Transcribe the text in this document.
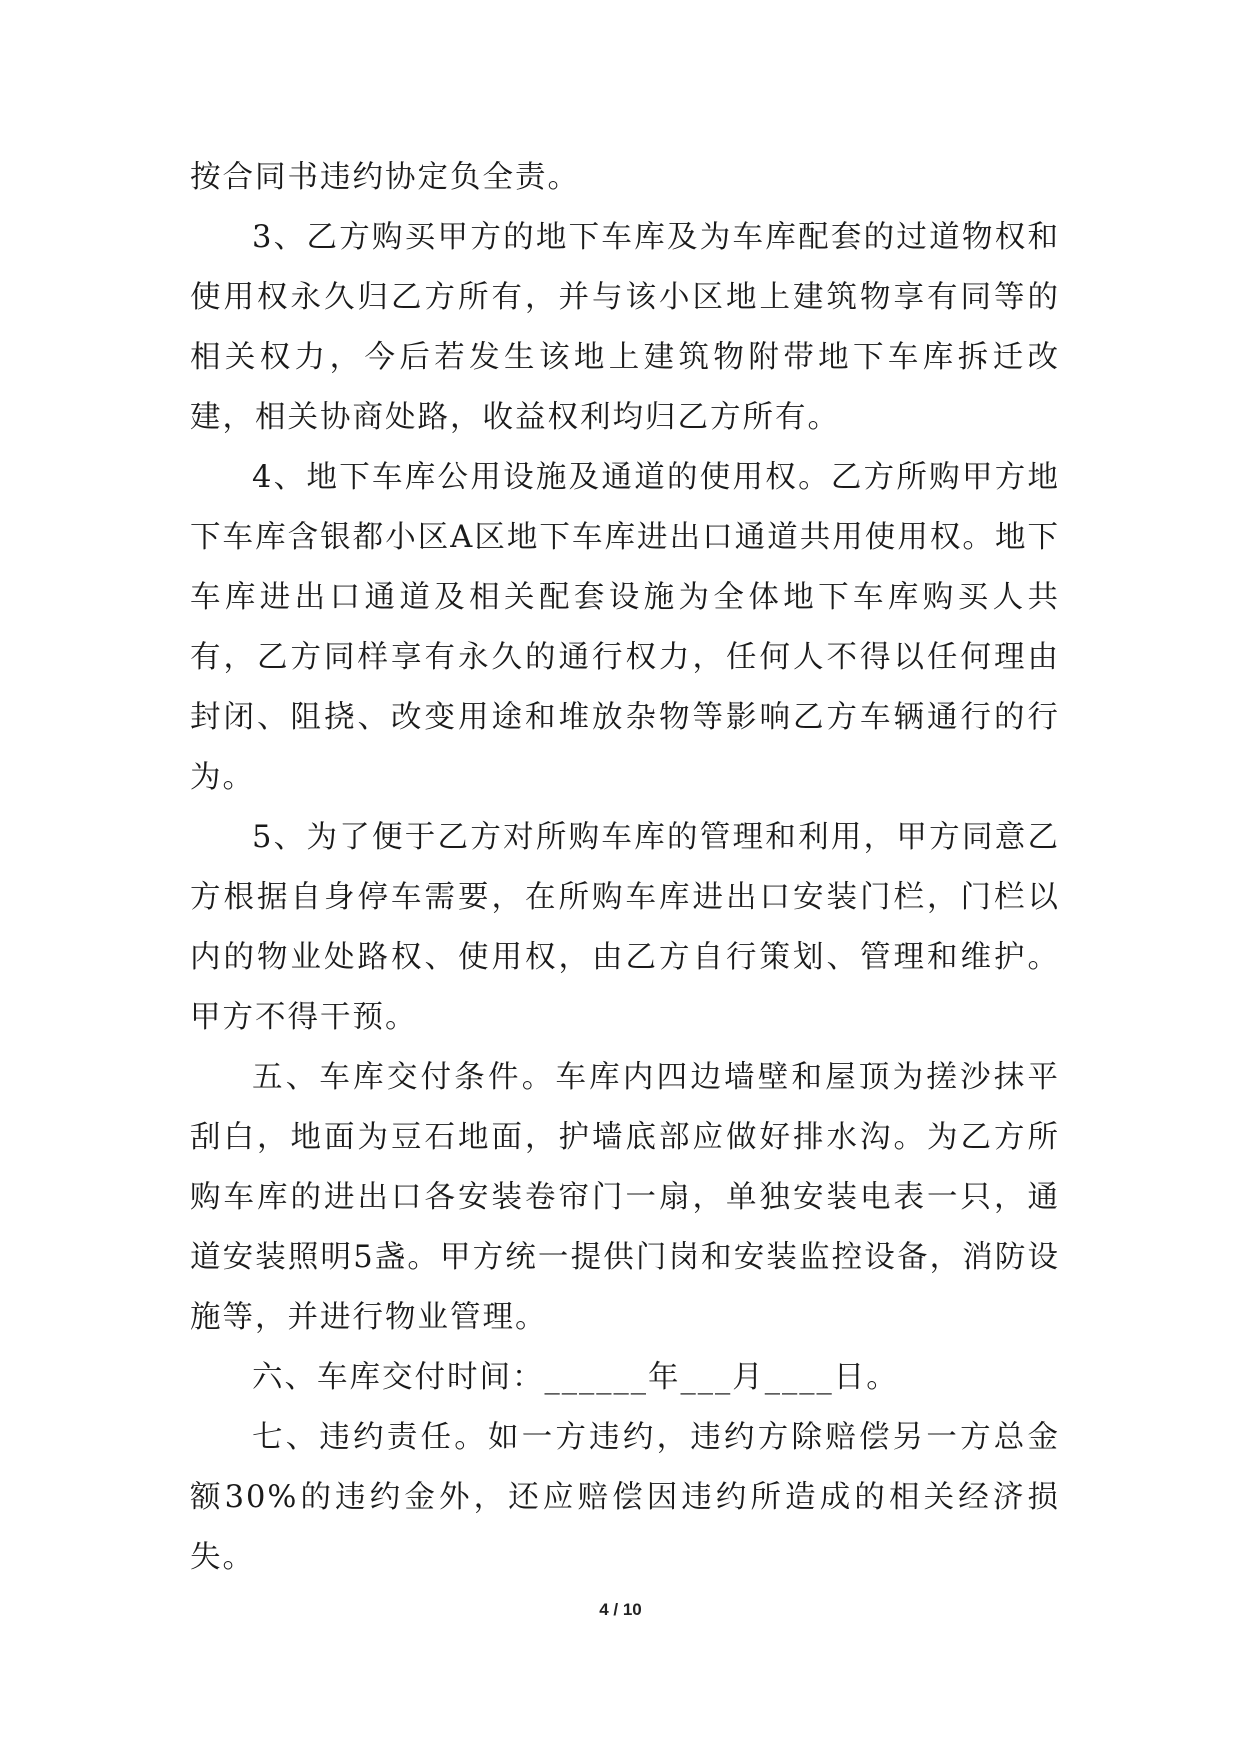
按合同书违约协定负全责。

3、乙方购买甲方的地下车库及为车库配套的过道物权和使用权永久归乙方所有，并与该小区地上建筑物享有同等的相关权力，今后若发生该地上建筑物附带地下车库拆迁改建，相关协商处路，收益权利均归乙方所有。

4、地下车库公用设施及通道的使用权。乙方所购甲方地下车库含银都小区A区地下车库进出口通道共用使用权。地下车库进出口通道及相关配套设施为全体地下车库购买人共有，乙方同样享有永久的通行权力，任何人不得以任何理由封闭、阻挠、改变用途和堆放杂物等影响乙方车辆通行的行为。

5、为了便于乙方对所购车库的管理和利用，甲方同意乙方根据自身停车需要，在所购车库进出口安装门栏，门栏以内的物业处路权、使用权，由乙方自行策划、管理和维护。甲方不得干预。

五、车库交付条件。车库内四边墙壁和屋顶为搓沙抹平刮白，地面为豆石地面，护墙底部应做好排水沟。为乙方所购车库的进出口各安装卷帘门一扇，单独安装电表一只，通道安装照明5盏。甲方统一提供门岗和安装监控设备，消防设施等，并进行物业管理。

六、车库交付时间：______年___月____日。

七、违约责任。如一方违约，违约方除赔偿另一方总金额30%的违约金外，还应赔偿因违约所造成的相关经济损失。

4 / 10
